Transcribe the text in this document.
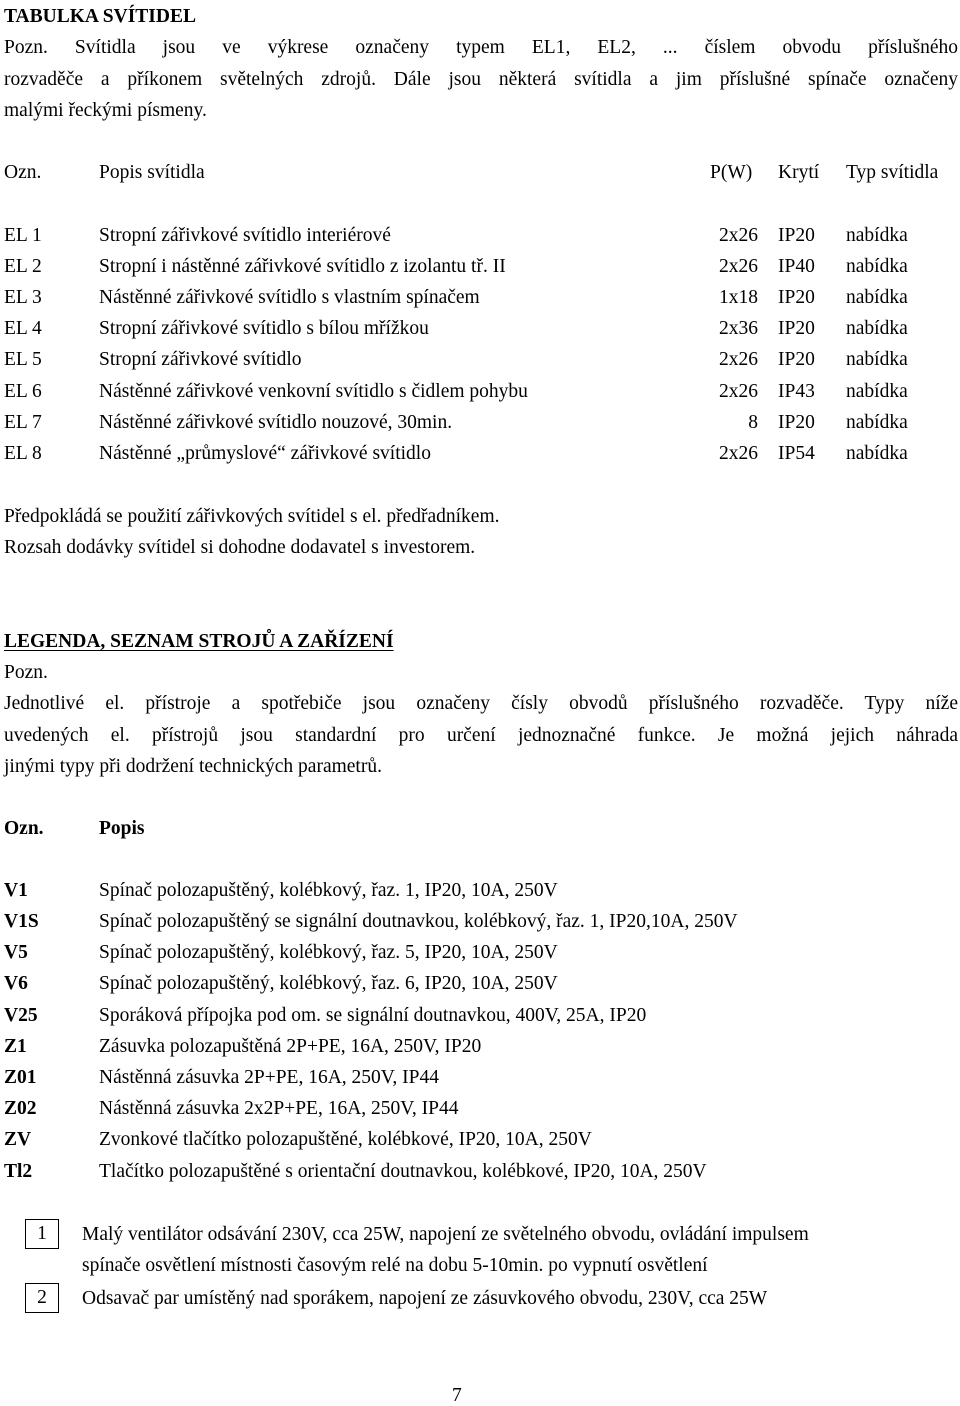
TABULKA SVÍTIDEL
Pozn. Svítidla jsou ve výkrese označeny typem EL1, EL2, ... číslem obvodu příslušného
rozvaděče a příkonem světelných zdrojů. Dále jsou některá svítidla a jim příslušné spínače označeny
malými řeckými písmeny.
Ozn.	Popis svítidla	P(W) Krytí Typ svítidla
EL 1	Stropní zářivkové svítidlo interiérové	2x26 IP20 nabídka
EL 2	Stropní i nástěnné zářivkové svítidlo z izolantu tř. II	2x26 IP40 nabídka
EL 3	Nástěnné zářivkové svítidlo s vlastním spínačem	1x18 IP20 nabídka
EL 4	Stropní zářivkové svítidlo s bílou mřížkou	2x36 IP20 nabídka
EL 5	Stropní zářivkové svítidlo	2x26 IP20 nabídka
EL 6	Nástěnné zářivkové venkovní svítidlo s čidlem pohybu	2x26 IP43 nabídka
EL 7	Nástěnné zářivkové svítidlo nouzové, 30min.	8 IP20 nabídka
EL 8	Nástěnné „průmyslové“ zářivkové svítidlo	2x26 IP54 nabídka
Předpokládá se použití zářivkových svítidel s el. předřadníkem.
Rozsah dodávky svítidel si dohodne dodavatel s investorem.
LEGENDA, SEZNAM STROJŮ A ZAŘÍZENÍ
Pozn.
Jednotlivé el. přístroje a spotřebiče jsou označeny čísly obvodů příslušného rozvaděče. Typy níže
uvedených el. přístrojů jsou standardní pro určení jednoznačné funkce. Je možná jejich náhrada
jinými typy při dodržení technických parametrů.
Ozn.	Popis
V1	Spínač polozapuštěný, kolébkový, řaz. 1, IP20, 10A, 250V
V1S	Spínač polozapuštěný se signální doutnavkou, kolébkový, řaz. 1, IP20,10A, 250V
V5	Spínač polozapuštěný, kolébkový, řaz. 5, IP20, 10A, 250V
V6	Spínač polozapuštěný, kolébkový, řaz. 6, IP20, 10A, 250V
V25	Sporáková přípojka pod om. se signální doutnavkou, 400V, 25A, IP20
Z1	Zásuvka polozapuštěná 2P+PE, 16A, 250V, IP20
Z01	Nástěnná zásuvka 2P+PE, 16A, 250V, IP44
Z02	Nástěnná zásuvka 2x2P+PE, 16A, 250V, IP44
ZV	Zvonkové tlačítko polozapuštěné, kolébkové, IP20, 10A, 250V
Tl2	Tlačítko polozapuštěné s orientační doutnavkou, kolébkové, IP20, 10A, 250V
1	Malý ventilátor odsávání 230V, cca 25W, napojení ze světelného obvodu, ovládání impulsem
spínače osvětlení místnosti časovým relé na dobu 5-10min. po vypnutí osvětlení
2	Odsavač par umístěný nad sporákem, napojení ze zásuvkového obvodu, 230V, cca 25W
7
